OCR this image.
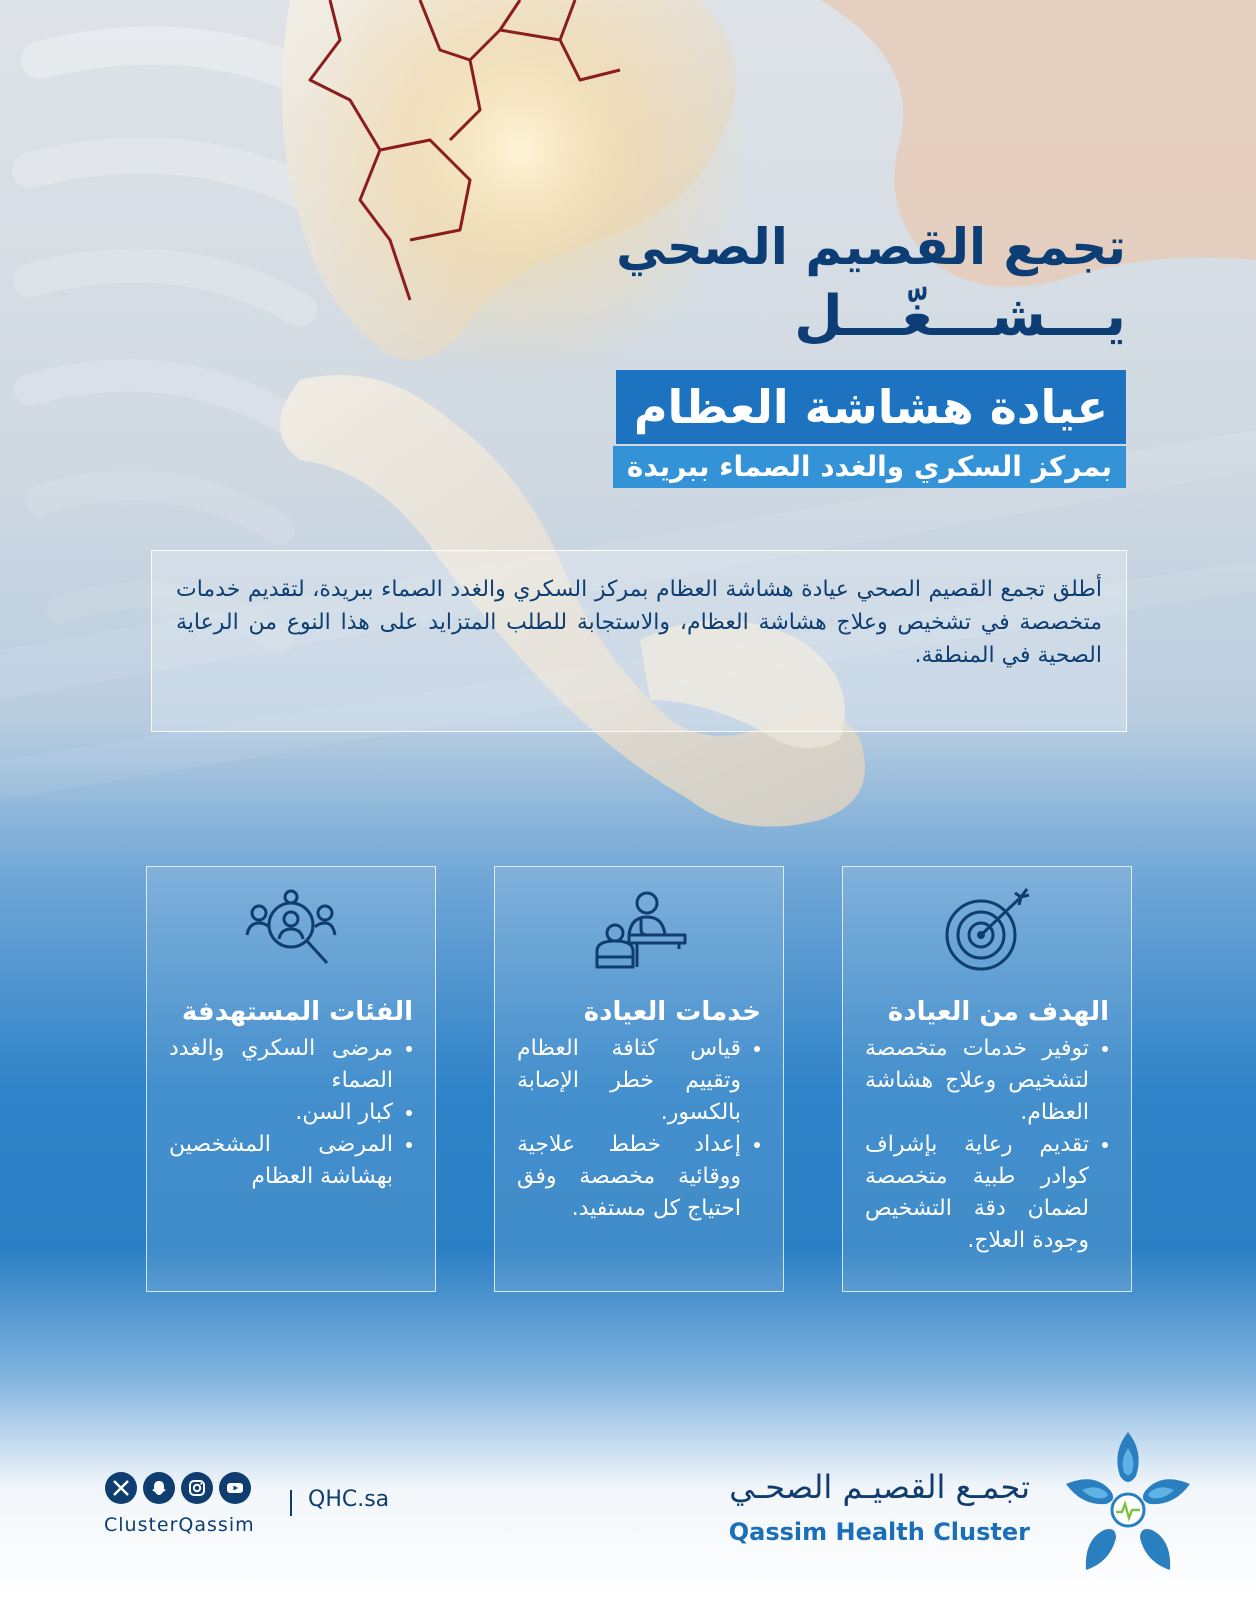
تجمع القصيم الصحي
يـــشـــغّـــل
عيادة هشاشة العظام
بمركز السكري والغدد الصماء ببريدة
أطلق تجمع القصيم الصحي عيادة هشاشة العظام بمركز السكري والغدد الصماء ببريدة، لتقديم خدمات متخصصة في تشخيص وعلاج هشاشة العظام، والاستجابة للطلب المتزايد على هذا النوع من الرعاية الصحية في المنطقة.
الهدف من العيادة
• توفير خدمات متخصصة لتشخيص وعلاج هشاشة العظام.
• تقديم رعاية بإشراف كوادر طبية متخصصة لضمان دقة التشخيص وجودة العلاج.
خدمات العيادة
• قياس كثافة العظام وتقييم خطر الإصابة بالكسور.
• إعداد خطط علاجية ووقائية مخصصة وفق احتياج كل مستفيد.
الفئات المستهدفة
• مرضى السكري والغدد الصماء
• كبار السن.
• المرضى المشخصين بهشاشة العظام
ClusterQassim
QHC.sa	تجمـع القصيـم الصحـي
Qassim Health Cluster
